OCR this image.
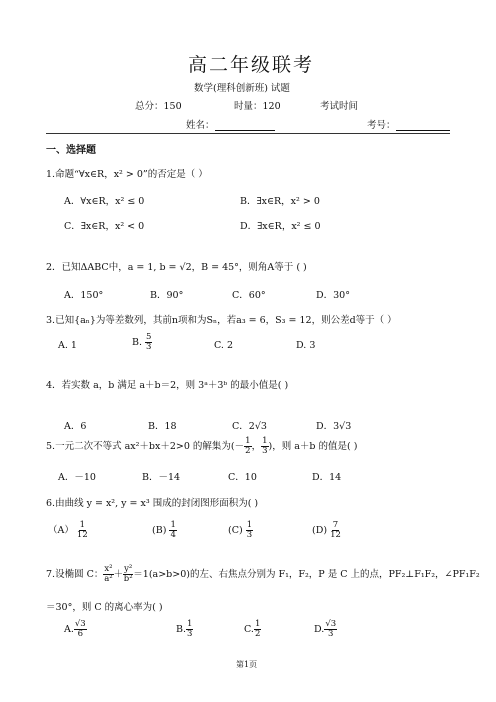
高二年级联考
数学(理科创新班) 试题
总分：150	时量：120	考试时间
姓名：	考号：
一、选择题
1.命题“∀x∈R，x² > 0”的否定是（ ）
A．∀x∈R，x² ≤ 0	B．∃x∈R，x² > 0
C．∃x∈R，x² < 0	D．∃x∈R，x² ≤ 0
2．已知ΔABC中，a = 1, b = √2，B = 45°，则角A等于 ( )
A．150°	B．90°	C．60°	D．30°
3.已知{aₙ}为等差数列，其前n项和为Sₙ，若a₃ = 6，S₃ = 12，则公差d等于（ ）
A. 1	B. $\frac{5}{3}$	C. 2	D. 3
4．若实数 a，b 满足 a＋b＝2，则 3ᵃ＋3ᵇ 的最小值是( )
A．6	B．18	C．2√3	D．3√3
5.一元二次不等式 ax²＋bx＋2>0 的解集为(－ $\frac{1}{2}$ ， $\frac{1}{3}$ )，则 a＋b 的值是( )
A．－10	B．－14	C．10	D．14
6.由曲线 y = x², y = x³ 围成的封闭图形面积为( )
$(A) \frac{1}{12}$	$(B) \frac{1}{4}$	$(C) \frac{1}{3}$	$(D) \frac{7}{12}$
7.设椭圆 C： $\frac{\text{x²}}{\text{a²}} + \frac{\text{y²}}{\text{b²}} =1(a>b>0)$的左、右焦点分别为 F₁，F₂，P 是 C 上的点，PF₂⊥F₁F₂，∠PF₁F₂
＝30°，则 C 的离心率为( )
A. $\frac{√3}{6}$	B. $\frac{1}{3}$	C. $\frac{1}{2}$	D. $\frac{√3}{3}$
第1页
